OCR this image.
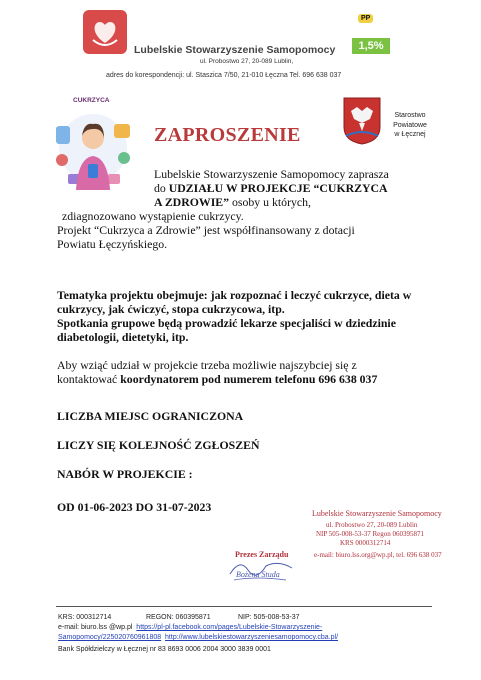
Lubelskie Stowarzyszenie Samopomocy
ul. Probostwo 27, 20-089 Lublin,
adres do korespondencji: ul. Staszica 7/50, 21-010 Łęczna Tel. 696 638 037
PP
1,5%
CUKRZYCA
Starostwo
Powiatowe
w Łęcznej
ZAPROSZENIE
Lubelskie Stowarzyszenie Samopomocy zaprasza
do UDZIAŁU W PROJEKCJE “CUKRZYCA
A ZDROWIE” osoby u których,
zdiagnozowano wystąpienie cukrzycy.
Projekt “Cukrzyca a Zdrowie” jest współfinansowany z dotacji
Powiatu Łęczyńskiego.
Tematyka projektu obejmuje: jak rozpoznać i leczyć cukrzyce, dieta w
cukrzycy, jak ćwiczyć, stopa cukrzycowa, itp.
Spotkania grupowe będą prowadzić lekarze specjaliści w dziedzinie
diabetologii, dietetyki, itp.
Aby wziąć udział w projekcie trzeba możliwie najszybciej się z
kontaktować koordynatorem pod numerem telefonu 696 638 037
LICZBA MIEJSC OGRANICZONA
LICZY SIĘ KOLEJNOŚĆ ZGŁOSZEŃ
NABÓR W PROJEKCIE :
OD 01-06-2023 DO 31-07-2023	Lubelskie Stowarzyszenie Samopomocy
ul. Probostwo 27, 20-089 Lublin
NIP 505-008-53-37 Regon 060395871
KRS 0000312714
e-mail: biuro.lss.org@wp.pl, tel. 696 638 037
Prezes Zarządu
Bożena Studa
KRS: 000312714	REGON: 060395871	NIP: 505-008-53-37
e-mail: biuro.lss @wp.pl https://pl-pl.facebook.com/pages/Lubelskie-Stowarzyszenie-
Samopomocy/225020760961808 http://www.lubelskiestowarzyszeniesamopomocy.cba.pl/
Bank Spółdzielczy w Łęcznej nr 83 8693 0006 2004 3000 3839 0001
